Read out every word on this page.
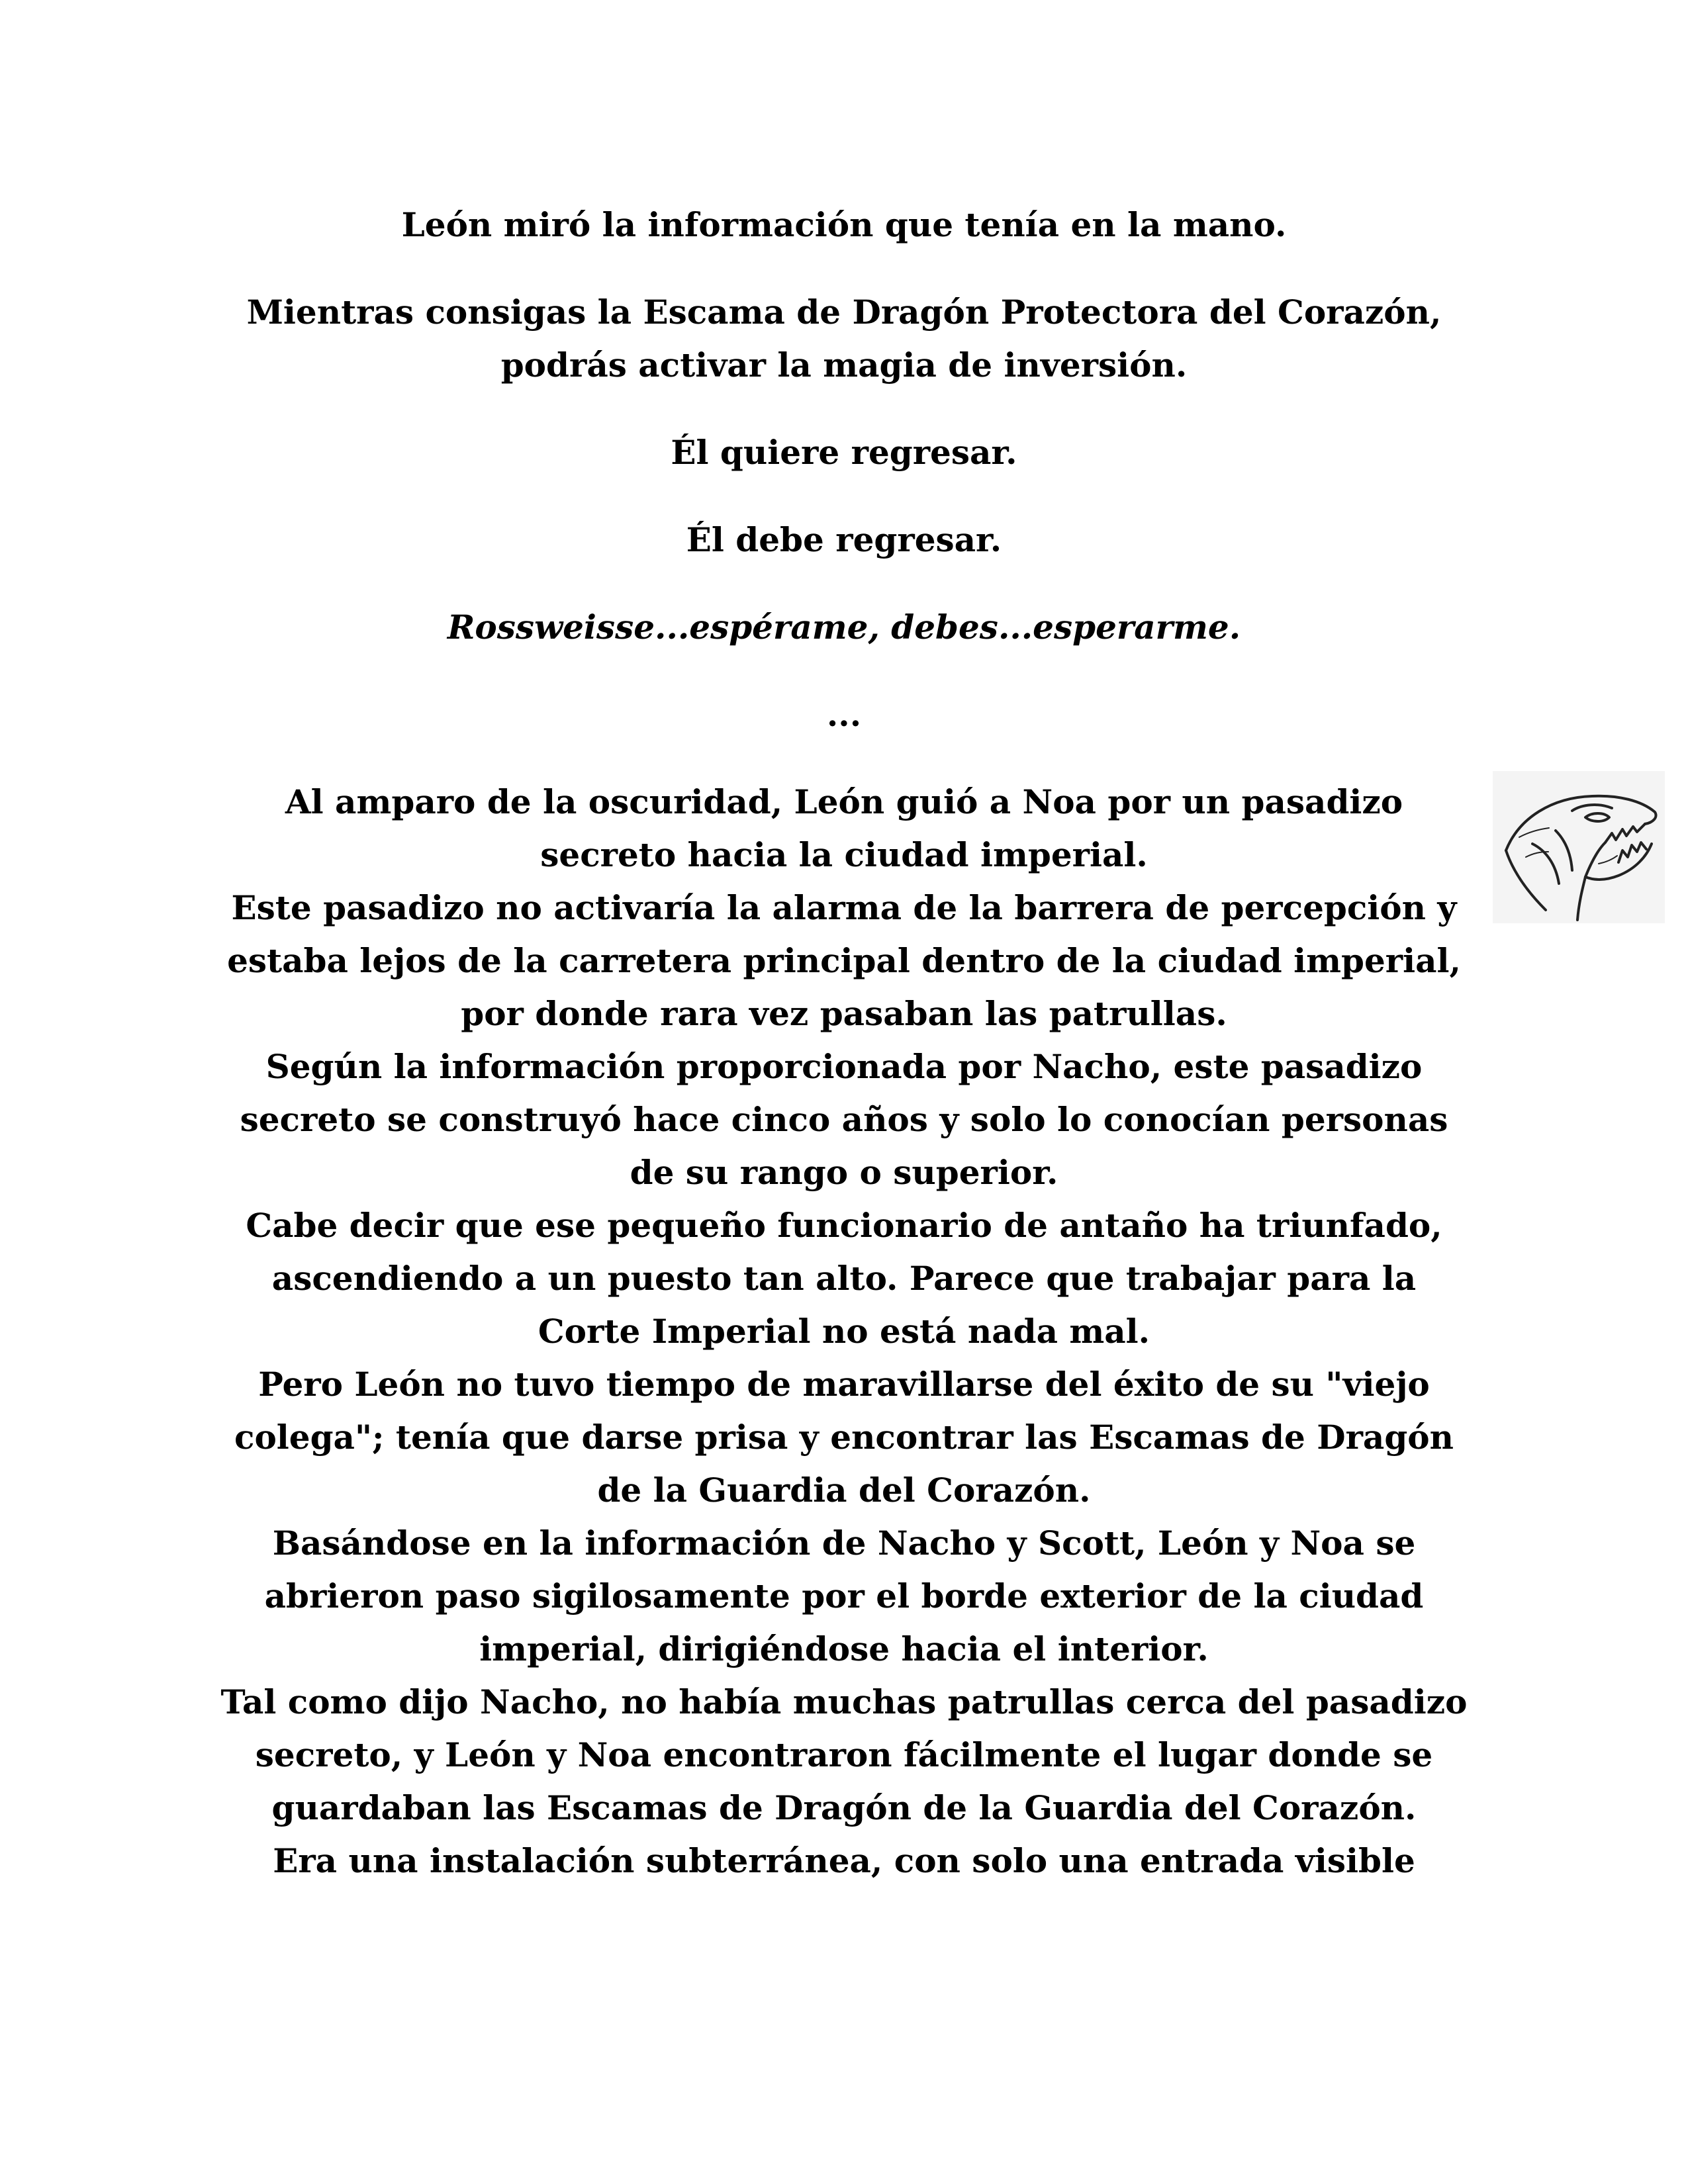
León miró la información que tenía en la mano.

Mientras consigas la Escama de Dragón Protectora del Corazón, podrás activar la magia de inversión.

Él quiere regresar.

Él debe regresar.

Rossweisse...espérame, debes...esperarme.

...

Al amparo de la oscuridad, León guió a Noa por un pasadizo secreto hacia la ciudad imperial.

Este pasadizo no activaría la alarma de la barrera de percepción y estaba lejos de la carretera principal dentro de la ciudad imperial, por donde rara vez pasaban las patrullas.

Según la información proporcionada por Nacho, este pasadizo secreto se construyó hace cinco años y solo lo conocían personas de su rango o superior.

Cabe decir que ese pequeño funcionario de antaño ha triunfado, ascendiendo a un puesto tan alto. Parece que trabajar para la Corte Imperial no está nada mal.

Pero León no tuvo tiempo de maravillarse del éxito de su "viejo colega"; tenía que darse prisa y encontrar las Escamas de Dragón de la Guardia del Corazón.

Basándose en la información de Nacho y Scott, León y Noa se abrieron paso sigilosamente por el borde exterior de la ciudad imperial, dirigiéndose hacia el interior.

Tal como dijo Nacho, no había muchas patrullas cerca del pasadizo secreto, y León y Noa encontraron fácilmente el lugar donde se guardaban las Escamas de Dragón de la Guardia del Corazón.

Era una instalación subterránea, con solo una entrada visible
